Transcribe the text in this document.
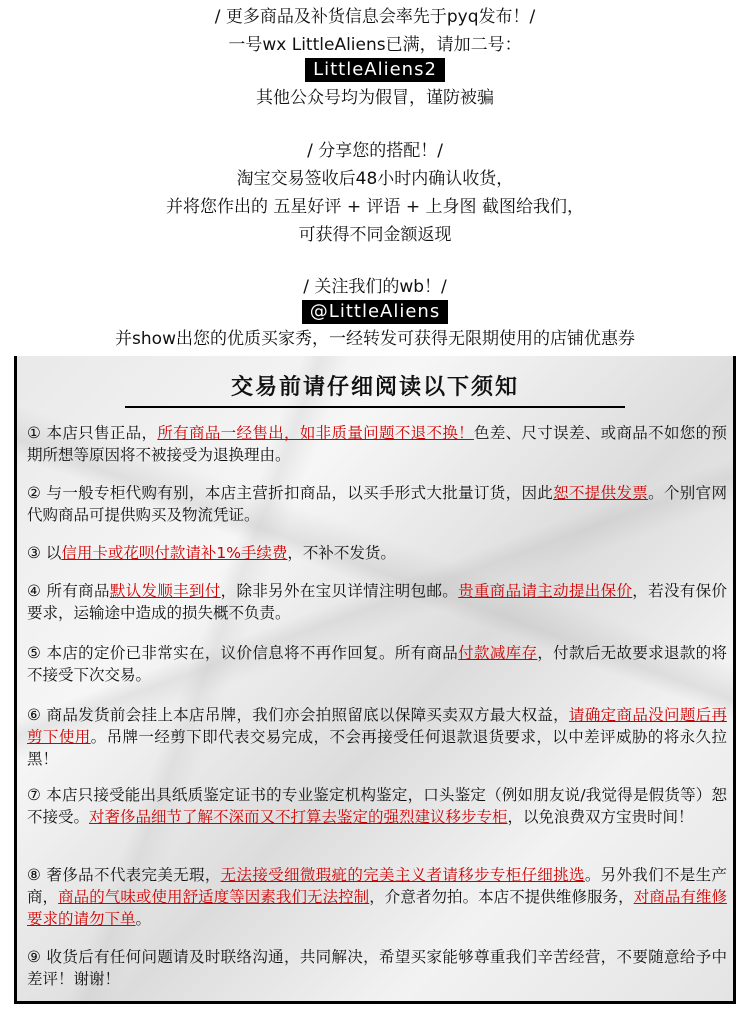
/ 更多商品及补货信息会率先于pyq发布！/
一号wx LittleAliens已满，请加二号：
LittleAliens2
其他公众号均为假冒，谨防被骗
/ 分享您的搭配！/
淘宝交易签收后48小时内确认收货，
并将您作出的 五星好评 + 评语 + 上身图 截图给我们，
可获得不同金额返现
/ 关注我们的wb！/
@LittleAliens
并show出您的优质买家秀，一经转发可获得无限期使用的店铺优惠券
交易前请仔细阅读以下须知
① 本店只售正品，所有商品一经售出，如非质量问题不退不换！色差、尺寸误差、或商品不如您的预期所想等原因将不被接受为退换理由。
② 与一般专柜代购有别，本店主营折扣商品，以买手形式大批量订货，因此恕不提供发票。个别官网代购商品可提供购买及物流凭证。
③ 以信用卡或花呗付款请补1%手续费，不补不发货。
④ 所有商品默认发顺丰到付，除非另外在宝贝详情注明包邮。贵重商品请主动提出保价，若没有保价要求，运输途中造成的损失概不负责。
⑤ 本店的定价已非常实在，议价信息将不再作回复。所有商品付款减库存，付款后无故要求退款的将不接受下次交易。
⑥ 商品发货前会挂上本店吊牌，我们亦会拍照留底以保障买卖双方最大权益，请确定商品没问题后再剪下使用。吊牌一经剪下即代表交易完成，不会再接受任何退款退货要求，以中差评威胁的将永久拉黑！
⑦ 本店只接受能出具纸质鉴定证书的专业鉴定机构鉴定，口头鉴定（例如朋友说/我觉得是假货等）恕不接受。对奢侈品细节了解不深而又不打算去鉴定的强烈建议移步专柜，以免浪费双方宝贵时间！
⑧ 奢侈品不代表完美无瑕，无法接受细微瑕疵的完美主义者请移步专柜仔细挑选。另外我们不是生产商，商品的气味或使用舒适度等因素我们无法控制，介意者勿拍。本店不提供维修服务，对商品有维修要求的请勿下单。
⑨ 收货后有任何问题请及时联络沟通，共同解决，希望买家能够尊重我们辛苦经营，不要随意给予中差评！谢谢！
